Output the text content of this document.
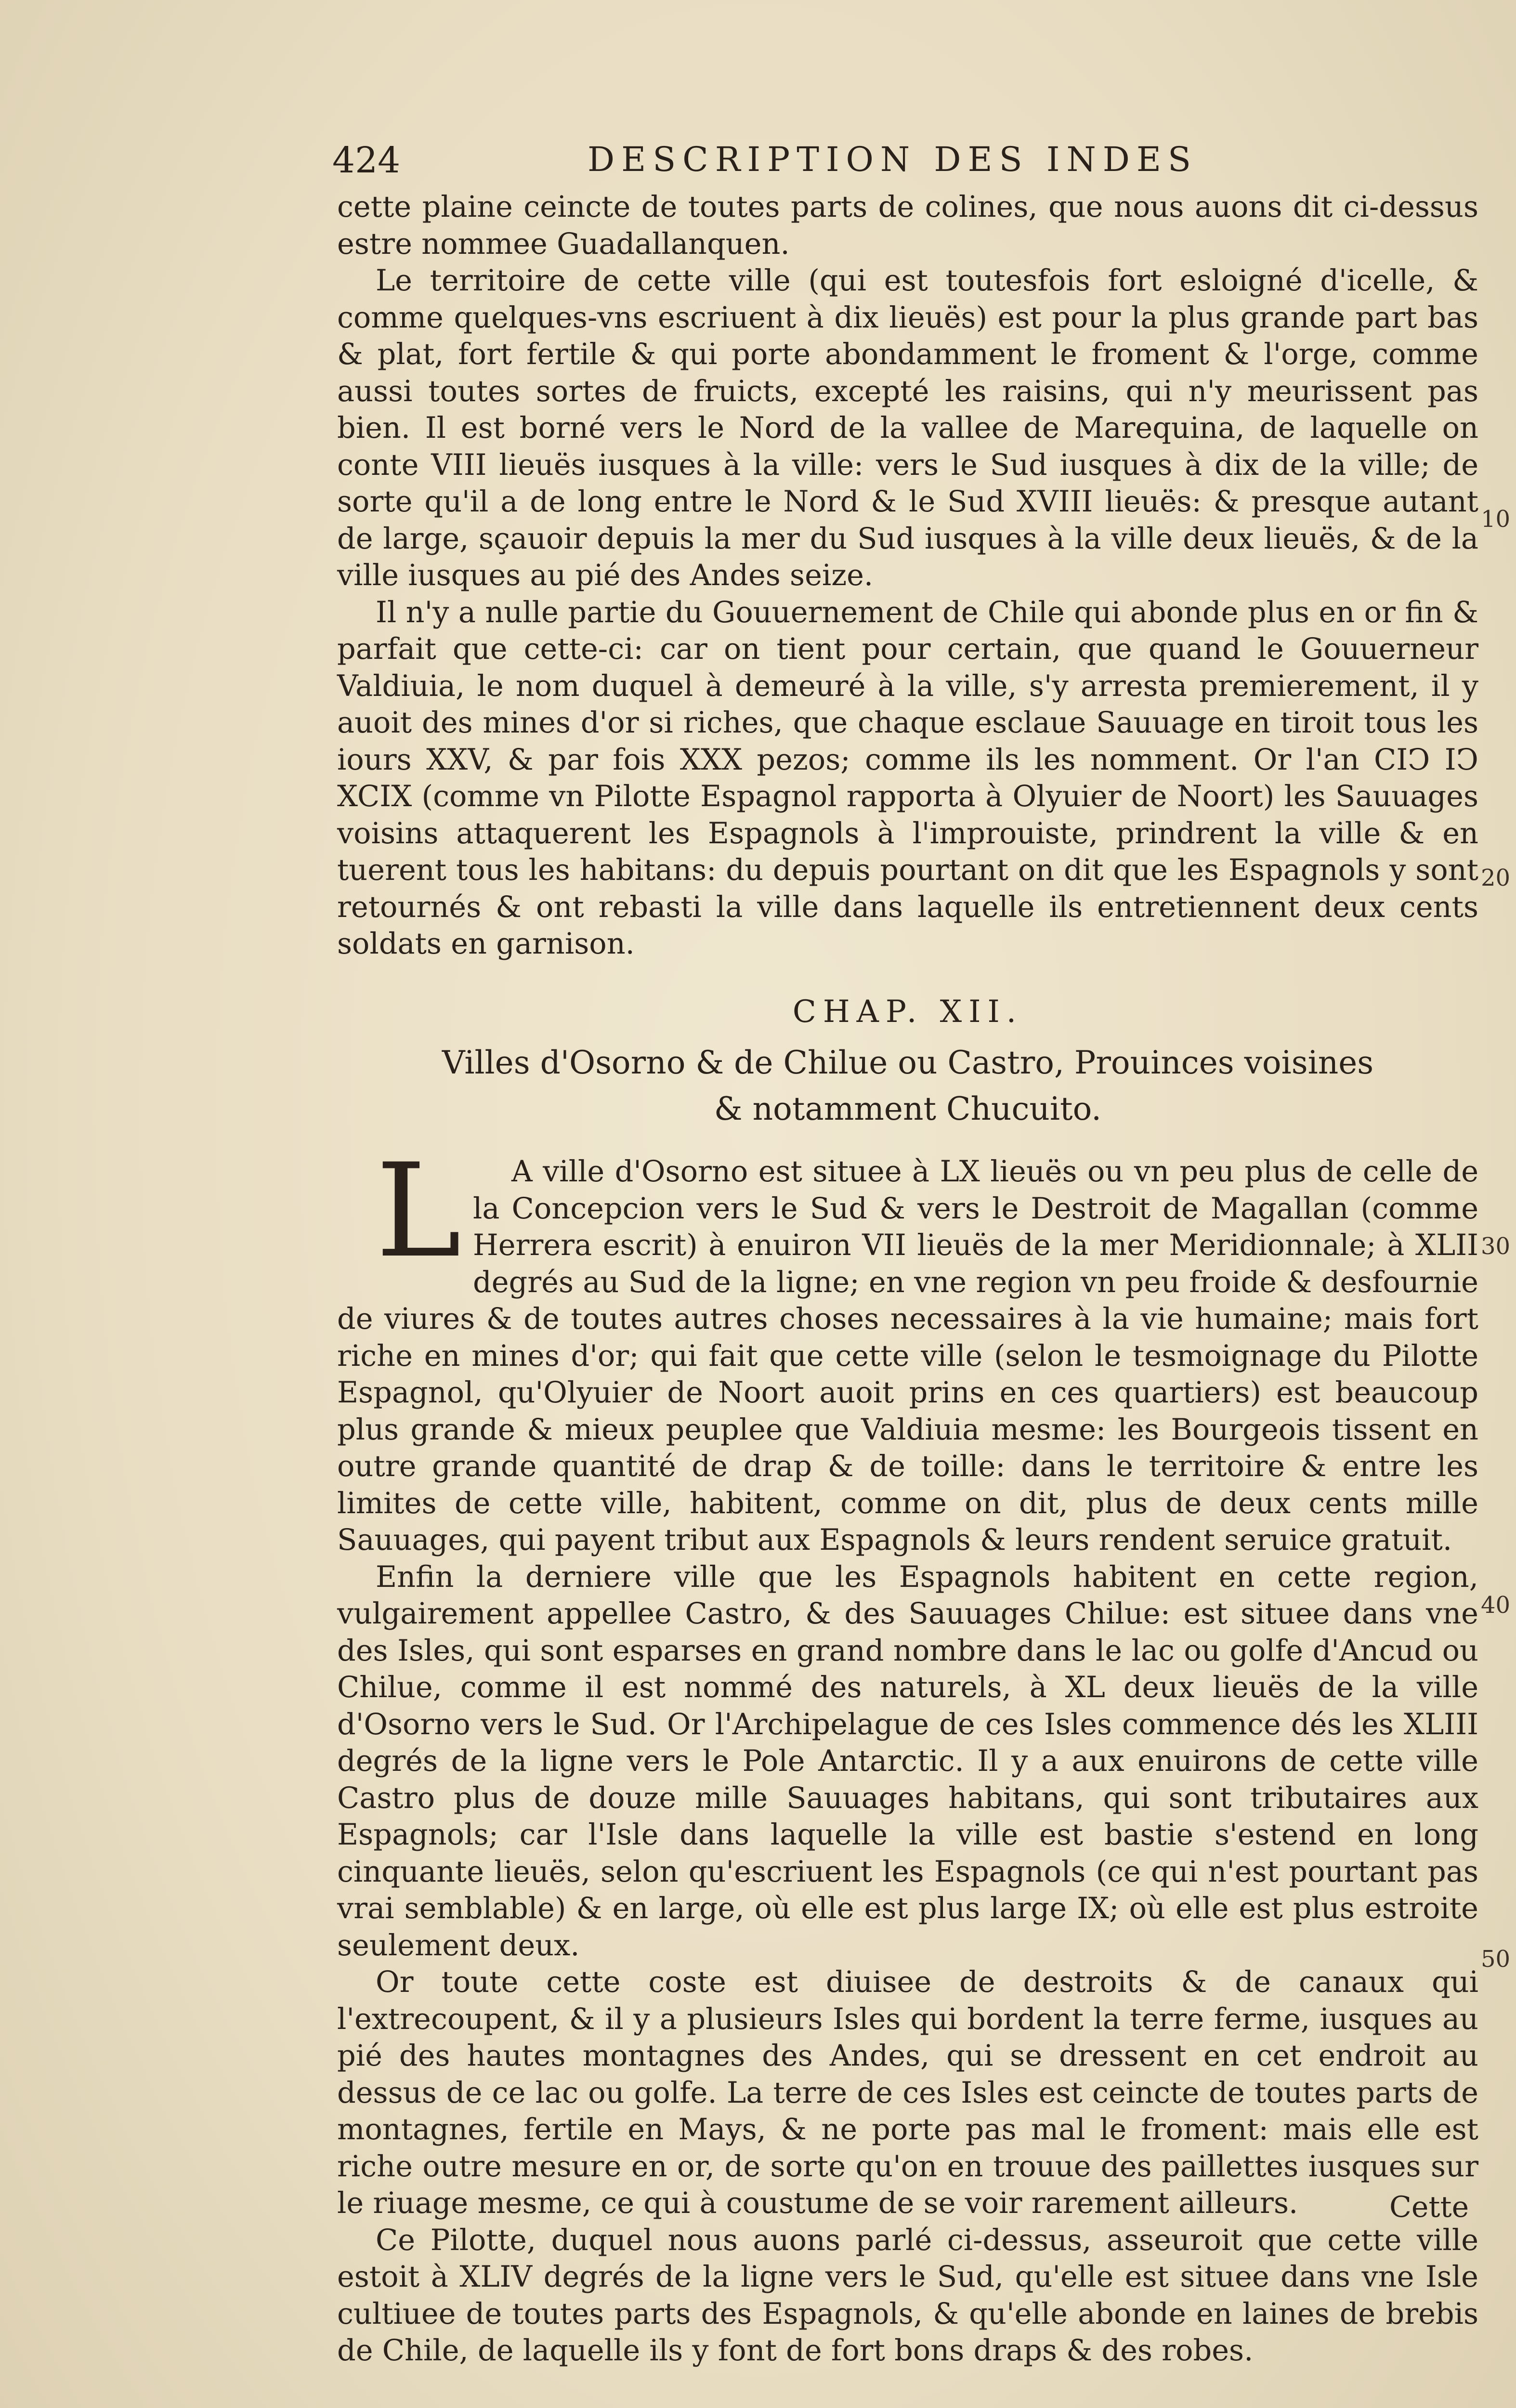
424	DESCRIPTION DES INDES

cette plaine ceincte de toutes parts de colines, que nous auons dit ci-dessus estre nommee Guadallanquen.

Le territoire de cette ville (qui est toutesfois fort esloigné d'icelle, & comme quelques-vns escriuent à dix lieuës) est pour la plus grande part bas & plat, fort fertile & qui porte abondamment le froment & l'orge, comme aussi toutes sortes de fruicts, excepté les raisins, qui n'y meurissent pas bien. Il est borné vers le Nord de la vallee de Marequina, de laquelle on conte VIII lieuës iusques à la ville: vers le Sud iusques à dix de la ville; de sorte qu'il a de long entre le Nord & le Sud XVIII lieuës: & presque autant de large, sçauoir depuis la mer du Sud iusques à la ville deux lieuës, & de la ville iusques au pié des Andes seize.

Il n'y a nulle partie du Gouuernement de Chile qui abonde plus en or fin & parfait que cette-ci: car on tient pour certain, que quand le Gouuerneur Valdiuia, le nom duquel à demeuré à la ville, s'y arresta premierement, il y auoit des mines d'or si riches, que chaque esclaue Sauuage en tiroit tous les iours XXV, & par fois XXX pezos; comme ils les nomment. Or l'an CIↃ IↃ XCIX (comme vn Pilotte Espagnol rapporta à Olyuier de Noort) les Sauuages voisins attaquerent les Espagnols à l'improuiste, prindrent la ville & en tuerent tous les habitans: du depuis pourtant on dit que les Espagnols y sont retournés & ont rebasti la ville dans laquelle ils entretiennent deux cents soldats en garnison.

CHAP. XII.
Villes d'Osorno & de Chilue ou Castro, Prouinces voisines
& notamment Chucuito.

L A ville d'Osorno est situee à LX lieuës ou vn peu plus de celle de la Concepcion vers le Sud & vers le Destroit de Magallan (comme Herrera escrit) à enuiron VII lieuës de la mer Meridionnale; à XLII degrés au Sud de la ligne; en vne region vn peu froide & desfournie de viures & de toutes autres choses necessaires à la vie humaine; mais fort riche en mines d'or; qui fait que cette ville (selon le tesmoignage du Pilotte Espagnol, qu'Olyuier de Noort auoit prins en ces quartiers) est beaucoup plus grande & mieux peuplee que Valdiuia mesme: les Bourgeois tissent en outre grande quantité de drap & de toille: dans le territoire & entre les limites de cette ville, habitent, comme on dit, plus de deux cents mille Sauuages, qui payent tribut aux Espagnols & leurs rendent seruice gratuit.

Enfin la derniere ville que les Espagnols habitent en cette region, vulgairement appellee Castro, & des Sauuages Chilue: est situee dans vne des Isles, qui sont esparses en grand nombre dans le lac ou golfe d'Ancud ou Chilue, comme il est nommé des naturels, à XL deux lieuës de la ville d'Osorno vers le Sud. Or l'Archipelague de ces Isles commence dés les XLIII degrés de la ligne vers le Pole Antarctic. Il y a aux enuirons de cette ville Castro plus de douze mille Sauuages habitans, qui sont tributaires aux Espagnols; car l'Isle dans laquelle la ville est bastie s'estend en long cinquante lieuës, selon qu'escriuent les Espagnols (ce qui n'est pourtant pas vrai semblable) & en large, où elle est plus large IX; où elle est plus estroite seulement deux.

Or toute cette coste est diuisee de destroits & de canaux qui l'extrecoupent, & il y a plusieurs Isles qui bordent la terre ferme, iusques au pié des hautes montagnes des Andes, qui se dressent en cet endroit au dessus de ce lac ou golfe. La terre de ces Isles est ceincte de toutes parts de montagnes, fertile en Mays, & ne porte pas mal le froment: mais elle est riche outre mesure en or, de sorte qu'on en trouue des paillettes iusques sur le riuage mesme, ce qui à coustume de se voir rarement ailleurs.

Ce Pilotte, duquel nous auons parlé ci-dessus, asseuroit que cette ville estoit à XLIV degrés de la ligne vers le Sud, qu'elle est situee dans vne Isle cultiuee de toutes parts des Espagnols, & qu'elle abonde en laines de brebis de Chile, de laquelle ils y font de fort bons draps & des robes.

10
20
30
40
50
Cette
